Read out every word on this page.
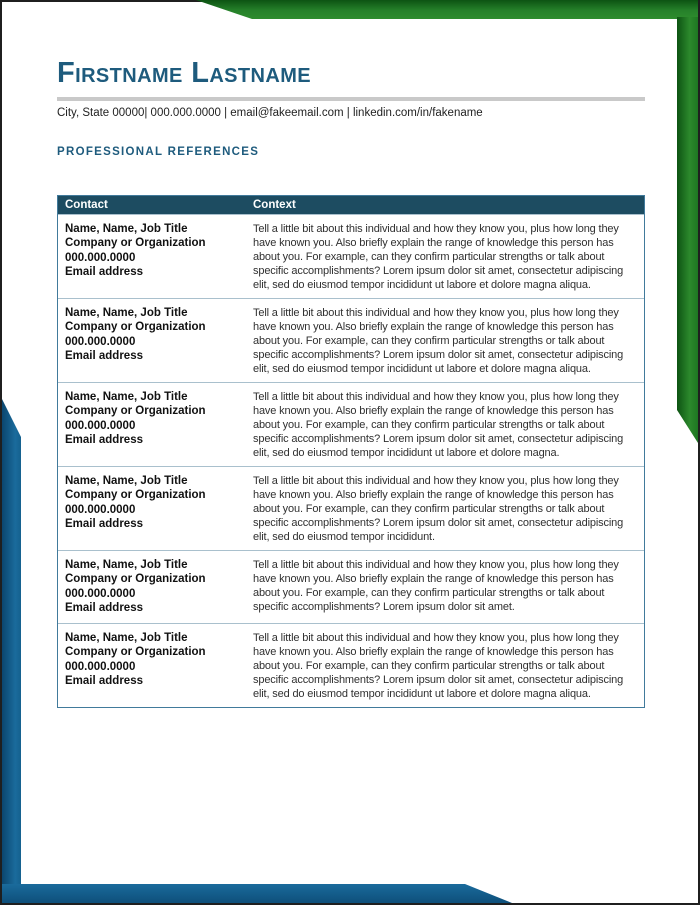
Firstname Lastname
City, State 00000| 000.000.0000 | email@fakeemail.com | linkedin.com/in/fakename
PROFESSIONAL REFERENCES
Contact	Context
Name, Name, Job Title
Company or Organization
000.000.0000
Email address
Tell a little bit about this individual and how they know you, plus how long they have known you. Also briefly explain the range of knowledge this person has about you. For example, can they confirm particular strengths or talk about specific accomplishments? Lorem ipsum dolor sit amet, consectetur adipiscing elit, sed do eiusmod tempor incididunt ut labore et dolore magna aliqua.
Name, Name, Job Title
Company or Organization
000.000.0000
Email address
Tell a little bit about this individual and how they know you, plus how long they have known you. Also briefly explain the range of knowledge this person has about you. For example, can they confirm particular strengths or talk about specific accomplishments? Lorem ipsum dolor sit amet, consectetur adipiscing elit, sed do eiusmod tempor incididunt ut labore et dolore magna aliqua.
Name, Name, Job Title
Company or Organization
000.000.0000
Email address
Tell a little bit about this individual and how they know you, plus how long they have known you. Also briefly explain the range of knowledge this person has about you. For example, can they confirm particular strengths or talk about specific accomplishments? Lorem ipsum dolor sit amet, consectetur adipiscing elit, sed do eiusmod tempor incididunt ut labore et dolore magna.
Name, Name, Job Title
Company or Organization
000.000.0000
Email address
Tell a little bit about this individual and how they know you, plus how long they have known you. Also briefly explain the range of knowledge this person has about you. For example, can they confirm particular strengths or talk about specific accomplishments? Lorem ipsum dolor sit amet, consectetur adipiscing elit, sed do eiusmod tempor incididunt.
Name, Name, Job Title
Company or Organization
000.000.0000
Email address
Tell a little bit about this individual and how they know you, plus how long they have known you. Also briefly explain the range of knowledge this person has about you. For example, can they confirm particular strengths or talk about specific accomplishments? Lorem ipsum dolor sit amet.
Name, Name, Job Title
Company or Organization
000.000.0000
Email address
Tell a little bit about this individual and how they know you, plus how long they have known you. Also briefly explain the range of knowledge this person has about you. For example, can they confirm particular strengths or talk about specific accomplishments? Lorem ipsum dolor sit amet, consectetur adipiscing elit, sed do eiusmod tempor incididunt ut labore et dolore magna aliqua.
